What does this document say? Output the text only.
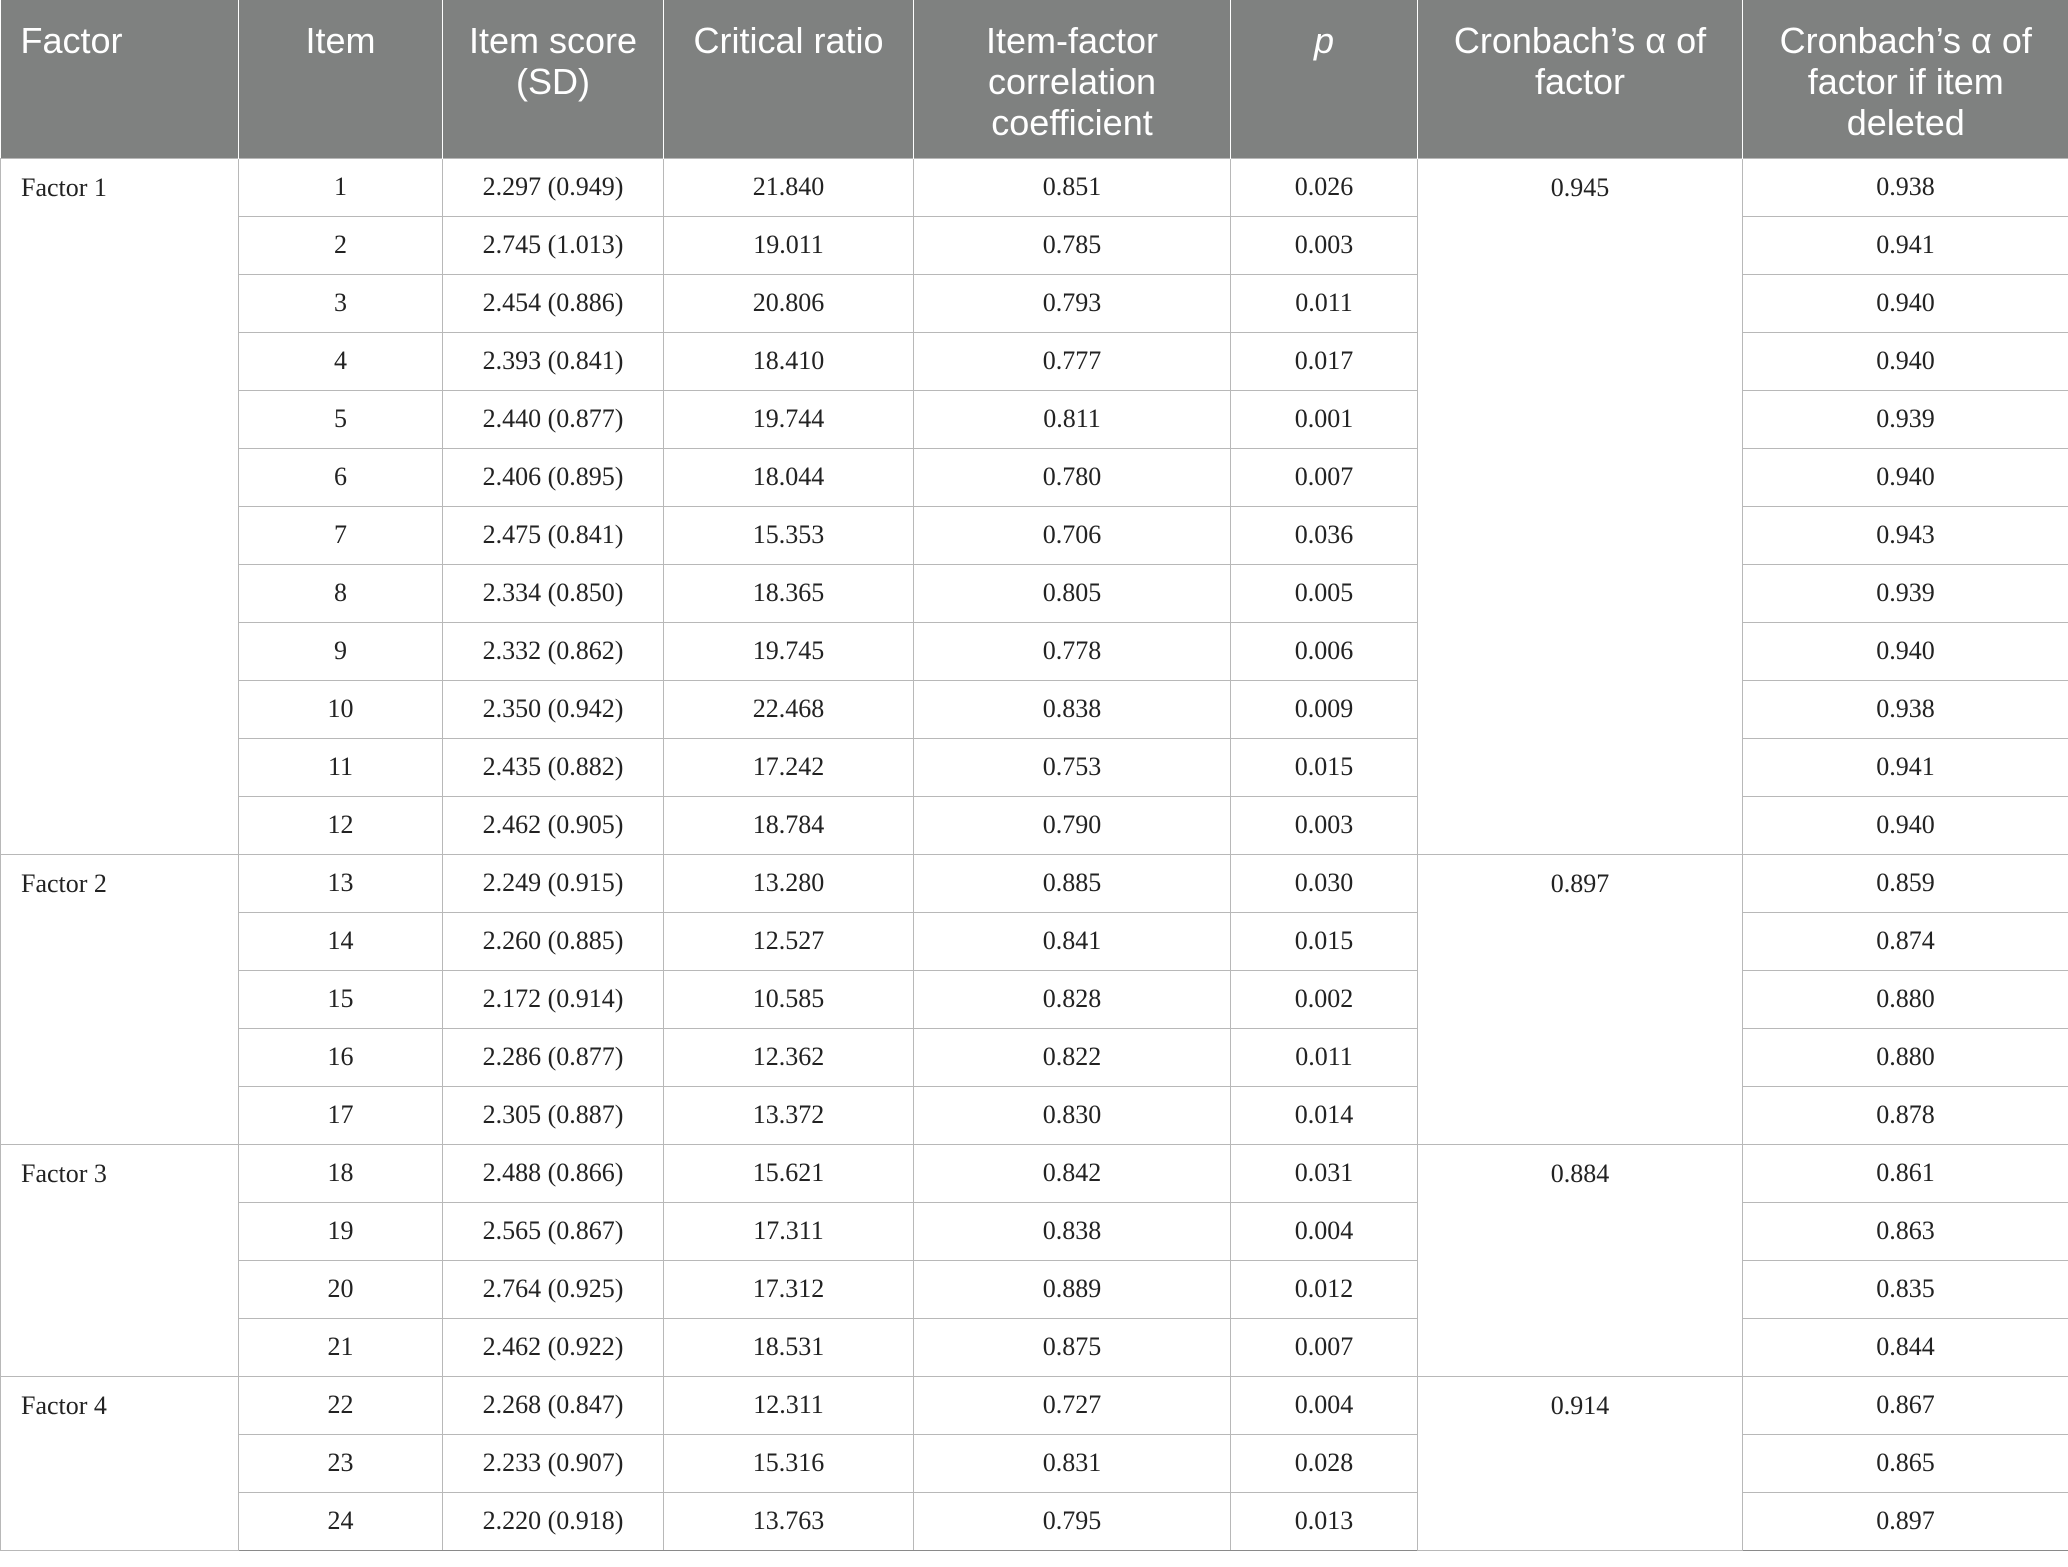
Factor	Item	Item score (SD)	Critical ratio	Item-factor correlation coefficient	p	Cronbach’s α of factor	Cronbach’s α of factor if item deleted
Factor 1	1	2.297 (0.949)	21.840	0.851	0.026	0.945	0.938
	2	2.745 (1.013)	19.011	0.785	0.003		0.941
	3	2.454 (0.886)	20.806	0.793	0.011		0.940
	4	2.393 (0.841)	18.410	0.777	0.017		0.940
	5	2.440 (0.877)	19.744	0.811	0.001		0.939
	6	2.406 (0.895)	18.044	0.780	0.007		0.940
	7	2.475 (0.841)	15.353	0.706	0.036		0.943
	8	2.334 (0.850)	18.365	0.805	0.005		0.939
	9	2.332 (0.862)	19.745	0.778	0.006		0.940
	10	2.350 (0.942)	22.468	0.838	0.009		0.938
	11	2.435 (0.882)	17.242	0.753	0.015		0.941
	12	2.462 (0.905)	18.784	0.790	0.003		0.940
Factor 2	13	2.249 (0.915)	13.280	0.885	0.030	0.897	0.859
	14	2.260 (0.885)	12.527	0.841	0.015		0.874
	15	2.172 (0.914)	10.585	0.828	0.002		0.880
	16	2.286 (0.877)	12.362	0.822	0.011		0.880
	17	2.305 (0.887)	13.372	0.830	0.014		0.878
Factor 3	18	2.488 (0.866)	15.621	0.842	0.031	0.884	0.861
	19	2.565 (0.867)	17.311	0.838	0.004		0.863
	20	2.764 (0.925)	17.312	0.889	0.012		0.835
	21	2.462 (0.922)	18.531	0.875	0.007		0.844
Factor 4	22	2.268 (0.847)	12.311	0.727	0.004	0.914	0.867
	23	2.233 (0.907)	15.316	0.831	0.028		0.865
	24	2.220 (0.918)	13.763	0.795	0.013		0.897
